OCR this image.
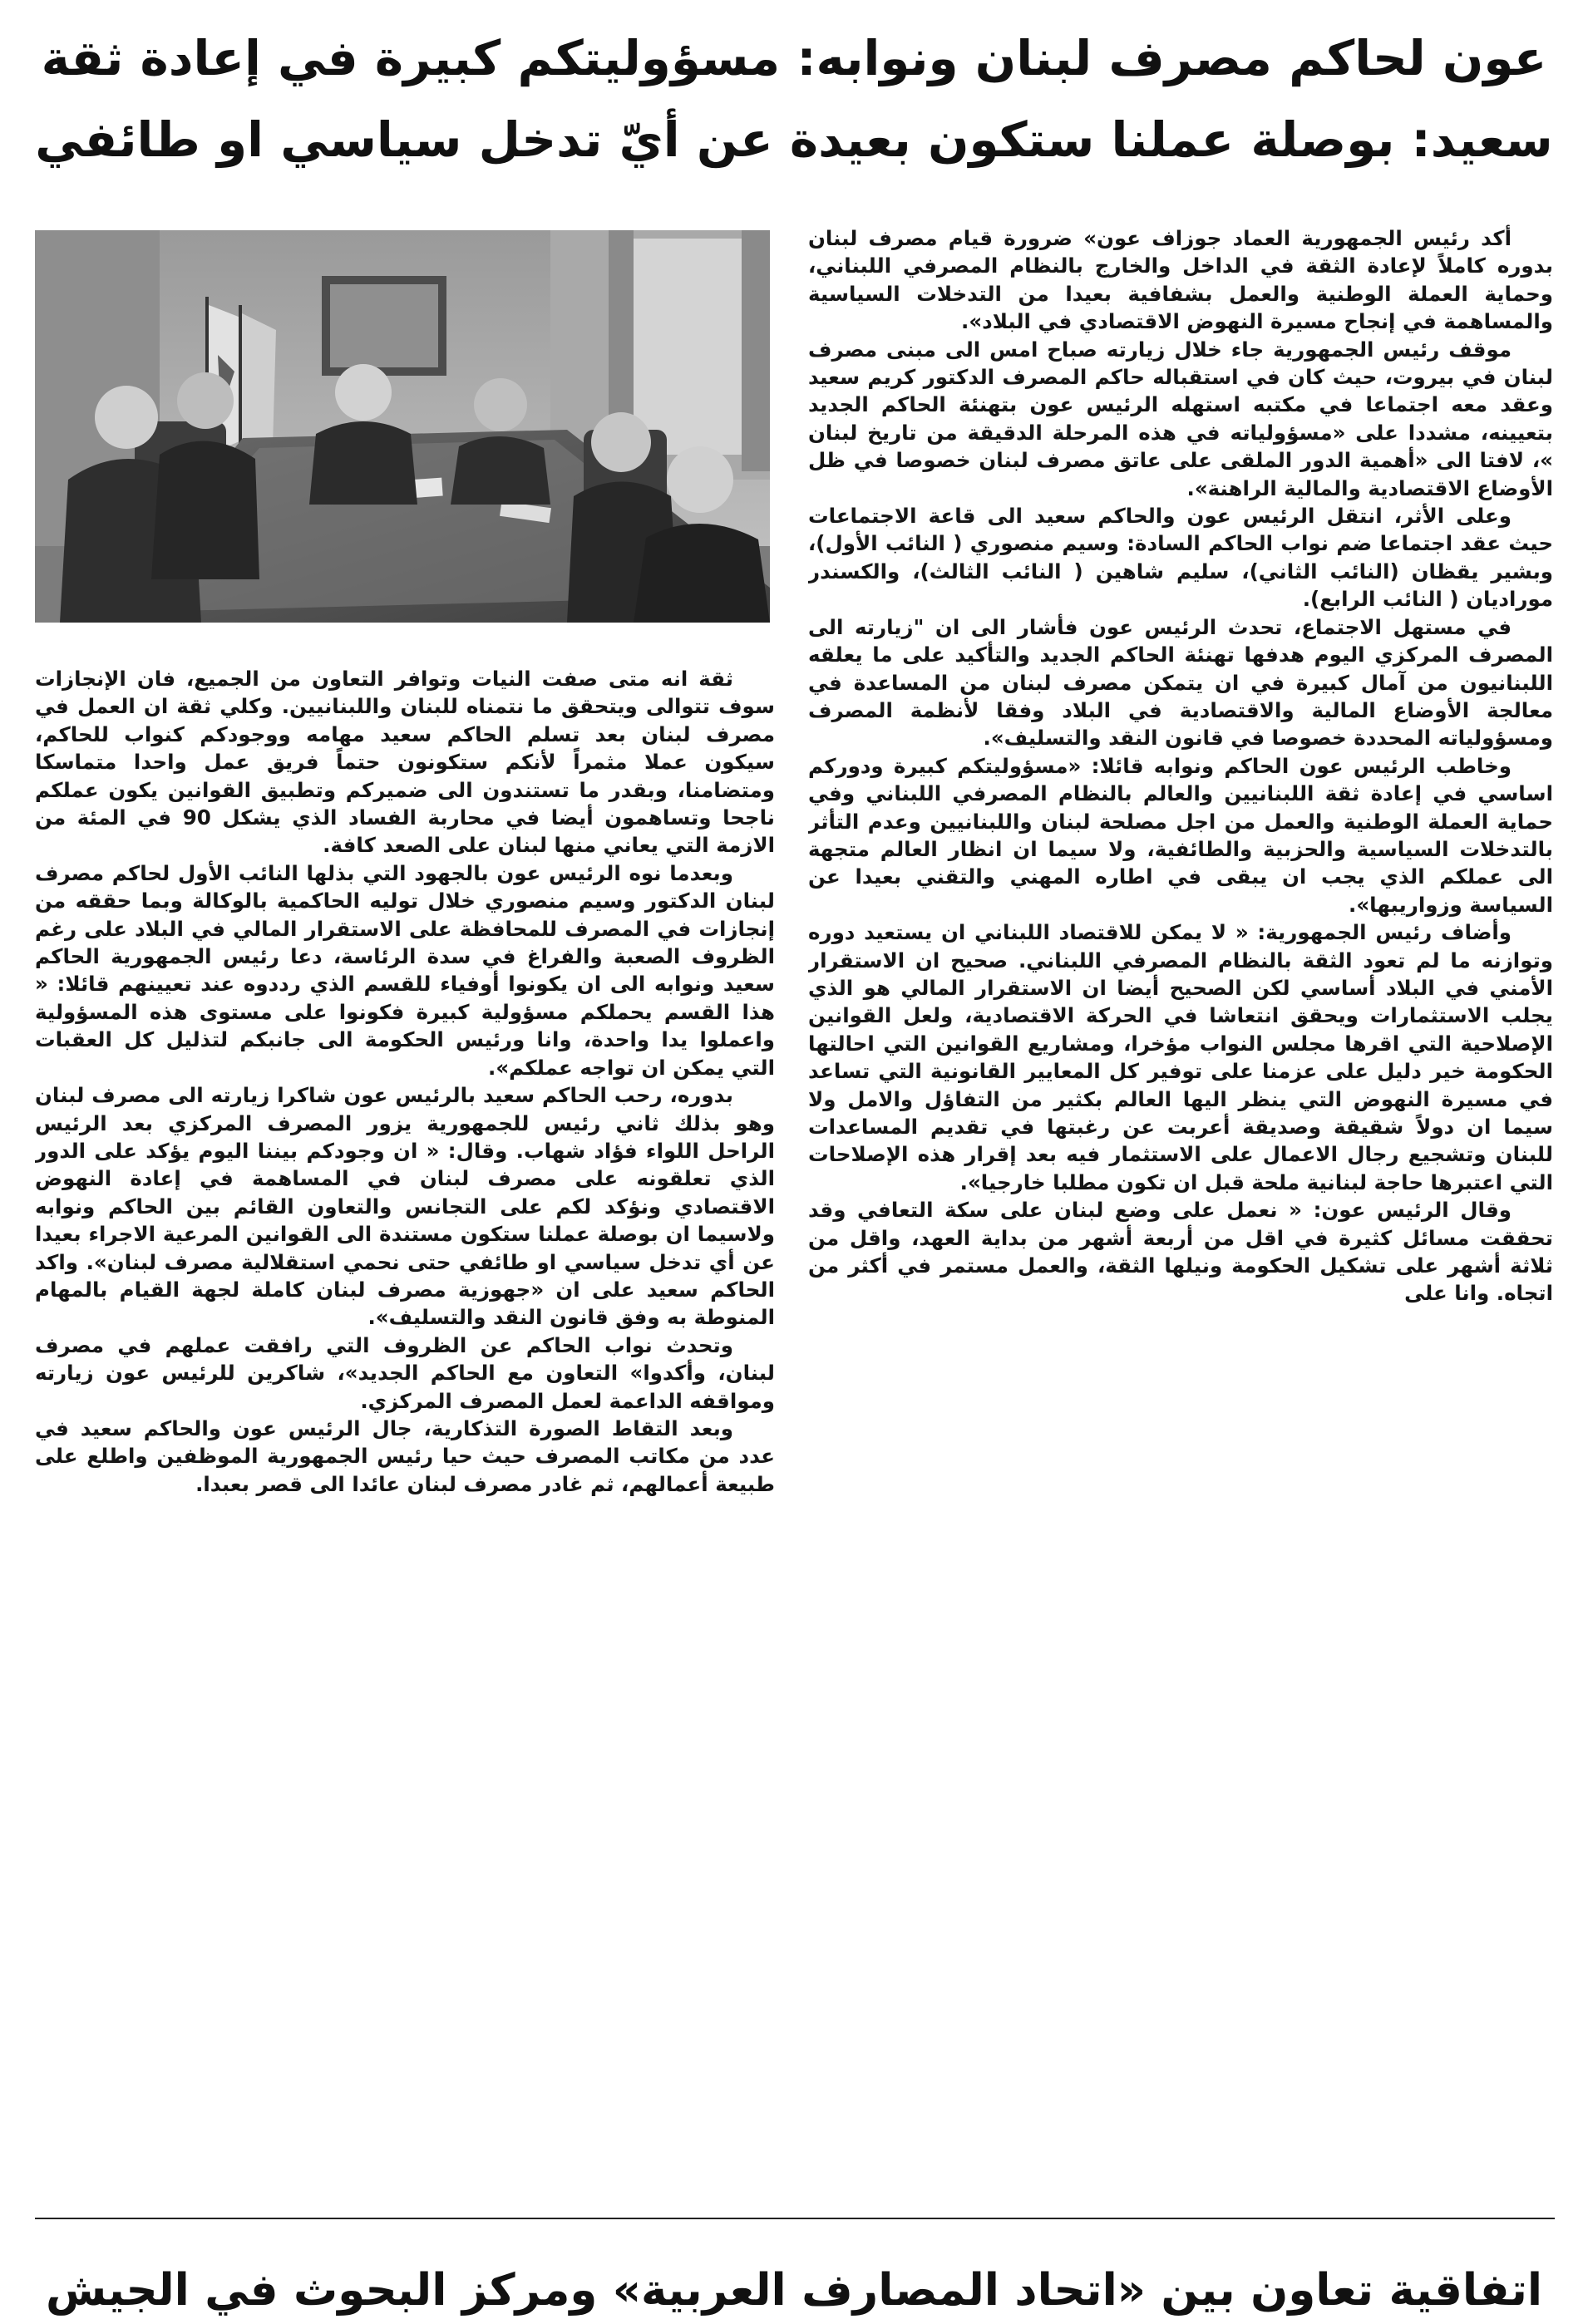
عون لحاكم مصرف لبنان ونوابه: مسؤوليتكم كبيرة في إعادة ثقة
سعيد: بوصلة عملنا ستكون بعيدة عن أيّ تدخل سياسي او طائفي

أكد رئيس الجمهورية العماد جوزاف عون» ضرورة قيام مصرف لبنان بدوره كاملاً لإعادة الثقة في الداخل والخارج بالنظام المصرفي اللبناني، وحماية العملة الوطنية والعمل بشفافية بعيدا من التدخلات السياسية والمساهمة في إنجاح مسيرة النهوض الاقتصادي في البلاد».

موقف رئيس الجمهورية جاء خلال زيارته صباح امس الى مبنى مصرف لبنان في بيروت، حيث كان في استقباله حاكم المصرف الدكتور كريم سعيد وعقد معه اجتماعا في مكتبه استهله الرئيس عون بتهنئة الحاكم الجديد بتعيينه، مشددا على «مسؤولياته في هذه المرحلة الدقيقة من تاريخ لبنان »، لافتا الى «أهمية الدور الملقى على عاتق مصرف لبنان خصوصا في ظل الأوضاع الاقتصادية والمالية الراهنة».

وعلى الأثر، انتقل الرئيس عون والحاكم سعيد الى قاعة الاجتماعات حيث عقد اجتماعا ضم نواب الحاكم السادة: وسيم منصوري ( النائب الأول)، وبشير يقظان (النائب الثاني)، سليم شاهين ( النائب الثالث)، والكسندر موراديان ( النائب الرابع).

في مستهل الاجتماع، تحدث الرئيس عون فأشار الى ان "زيارته الى المصرف المركزي اليوم هدفها تهنئة الحاكم الجديد والتأكيد على ما يعلقه اللبنانيون من آمال كبيرة في ان يتمكن مصرف لبنان من المساعدة في معالجة الأوضاع المالية والاقتصادية في البلاد وفقا لأنظمة المصرف ومسؤولياته المحددة خصوصا في قانون النقد والتسليف».

وخاطب الرئيس عون الحاكم ونوابه قائلا: «مسؤوليتكم كبيرة ودوركم اساسي في إعادة ثقة اللبنانيين والعالم بالنظام المصرفي اللبناني وفي حماية العملة الوطنية والعمل من اجل مصلحة لبنان واللبنانيين وعدم التأثر بالتدخلات السياسية والحزبية والطائفية، ولا سيما ان انظار العالم متجهة الى عملكم الذي يجب ان يبقى في اطاره المهني والتقني بعيدا عن السياسة وزواريبها».

وأضاف رئيس الجمهورية: « لا يمكن للاقتصاد اللبناني ان يستعيد دوره وتوازنه ما لم تعود الثقة بالنظام المصرفي اللبناني. صحيح ان الاستقرار الأمني في البلاد أساسي لكن الصحيح أيضا ان الاستقرار المالي هو الذي يجلب الاستثمارات ويحقق انتعاشا في الحركة الاقتصادية، ولعل القوانين الإصلاحية التي اقرها مجلس النواب مؤخرا، ومشاريع القوانين التي احالتها الحكومة خير دليل على عزمنا على توفير كل المعايير القانونية التي تساعد في مسيرة النهوض التي ينظر اليها العالم بكثير من التفاؤل والامل ولا سيما ان دولاً شقيقة وصديقة أعربت عن رغبتها في تقديم المساعدات للبنان وتشجيع رجال الاعمال على الاستثمار فيه بعد إقرار هذه الإصلاحات التي اعتبرها حاجة لبنانية ملحة قبل ان تكون مطلبا خارجيا».

وقال الرئيس عون: « نعمل على وضع لبنان على سكة التعافي وقد تحققت مسائل كثيرة في اقل من أربعة أشهر من بداية العهد، واقل من ثلاثة أشهر على تشكيل الحكومة ونيلها الثقة، والعمل مستمر في أكثر من اتجاه. وانا على

ثقة انه متى صفت النيات وتوافر التعاون من الجميع، فان الإنجازات سوف تتوالى ويتحقق ما نتمناه للبنان واللبنانيين. وكلي ثقة ان العمل في مصرف لبنان بعد تسلم الحاكم سعيد مهامه ووجودكم كنواب للحاكم، سيكون عملا مثمراً لأنكم ستكونون حتماً فريق عمل واحدا متماسكا ومتضامنا، وبقدر ما تستندون الى ضميركم وتطبيق القوانين يكون عملكم ناجحا وتساهمون أيضا في محاربة الفساد الذي يشكل 90 في المئة من الازمة التي يعاني منها لبنان على الصعد كافة.

وبعدما نوه الرئيس عون بالجهود التي بذلها النائب الأول لحاكم مصرف لبنان الدكتور وسيم منصوري خلال توليه الحاكمية بالوكالة وبما حققه من إنجازات في المصرف للمحافظة على الاستقرار المالي في البلاد على رغم الظروف الصعبة والفراغ في سدة الرئاسة، دعا رئيس الجمهورية الحاكم سعيد ونوابه الى ان يكونوا أوفياء للقسم الذي رددوه عند تعيينهم قائلا: « هذا القسم يحملكم مسؤولية كبيرة فكونوا على مستوى هذه المسؤولية واعملوا يدا واحدة، وانا ورئيس الحكومة الى جانبكم لتذليل كل العقبات التي يمكن ان تواجه عملكم».

بدوره، رحب الحاكم سعيد بالرئيس عون شاكرا زيارته الى مصرف لبنان وهو بذلك ثاني رئيس للجمهورية يزور المصرف المركزي بعد الرئيس الراحل اللواء فؤاد شهاب. وقال: « ان وجودكم بيننا اليوم يؤكد على الدور الذي تعلقونه على مصرف لبنان في المساهمة في إعادة النهوض الاقتصادي ونؤكد لكم على التجانس والتعاون القائم بين الحاكم ونوابه ولاسيما ان بوصلة عملنا ستكون مستندة الى القوانين المرعية الاجراء بعيدا عن أي تدخل سياسي او طائفي حتى نحمي استقلالية مصرف لبنان». واكد الحاكم سعيد على ان «جهوزية مصرف لبنان كاملة لجهة القيام بالمهام المنوطة به وفق قانون النقد والتسليف».

وتحدث نواب الحاكم عن الظروف التي رافقت عملهم في مصرف لبنان، وأكدوا» التعاون مع الحاكم الجديد»، شاكرين للرئيس عون زيارته ومواقفه الداعمة لعمل المصرف المركزي.

وبعد التقاط الصورة التذكارية، جال الرئيس عون والحاكم سعيد في عدد من مكاتب المصرف حيث حيا رئيس الجمهورية الموظفين واطلع على طبيعة أعمالهم، ثم غادر مصرف لبنان عائدا الى قصر بعبدا.

اتفاقية تعاون بين «اتحاد المصارف العربية» ومركز البحوث في الجيش
